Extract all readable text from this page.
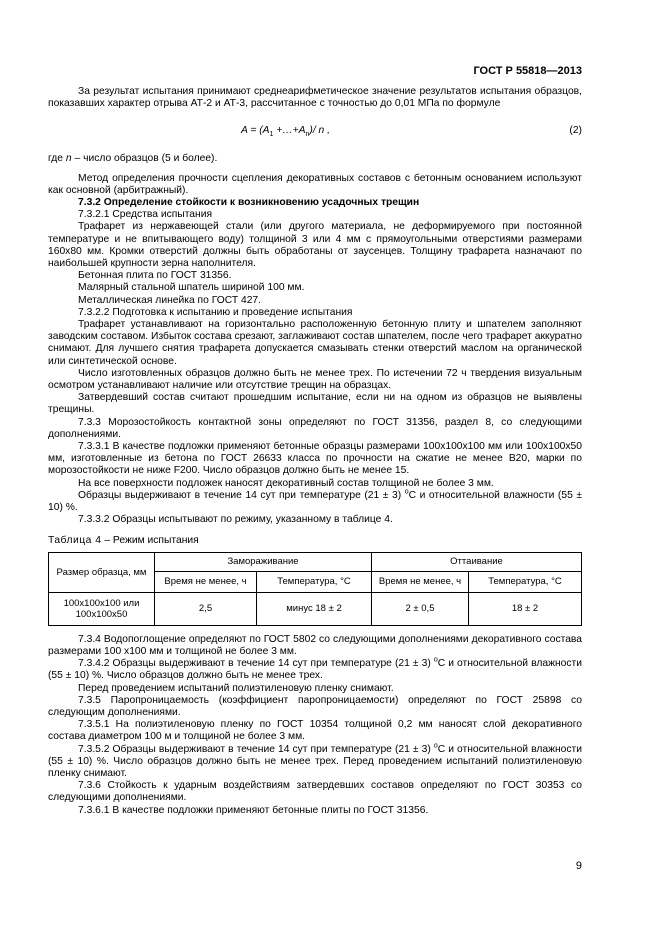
ГОСТ Р 55818—2013

За результат испытания принимают среднеарифметическое значение результатов испытания образцов, показавших характер отрыва АТ-2 и АТ-3, рассчитанное с точностью до 0,01 МПа по формуле

$A = (A_1$ $+\dots+A_n)/$ n ,	(2)

где n – число образцов (5 и более).

Метод определения прочности сцепления декоративных составов с бетонным основанием используют как основной (арбитражный).

7.3.2 Определение стойкости к возникновению усадочных трещин

7.3.2.1 Средства испытания

Трафарет из нержавеющей стали (или другого материала, не деформируемого при постоянной температуре и не впитывающего воду) толщиной 3 или 4 мм с прямоугольными отверстиями размерами 160х80 мм. Кромки отверстий должны быть обработаны от заусенцев. Толщину трафарета назначают по наибольшей крупности зерна наполнителя.

Бетонная плита по ГОСТ 31356.

Малярный стальной шпатель шириной 100 мм.

Металлическая линейка по ГОСТ 427.

7.3.2.2 Подготовка к испытанию и проведение испытания

Трафарет устанавливают на горизонтально расположенную бетонную плиту и шпателем заполняют заводским составом. Избыток состава срезают, заглаживают состав шпателем, после чего трафарет аккуратно снимают. Для лучшего снятия трафарета допускается смазывать стенки отверстий маслом на органической или синтетической основе.

Число изготовленных образцов должно быть не менее трех. По истечении 72 ч твердения визуальным осмотром устанавливают наличие или отсутствие трещин на образцах.

Затвердевший состав считают прошедшим испытание, если ни на одном из образцов не выявлены трещины.

7.3.3 Морозостойкость контактной зоны определяют по ГОСТ 31356, раздел 8, со следующими дополнениями.

7.3.3.1 В качестве подложки применяют бетонные образцы размерами 100х100х100 мм или 100х100х50 мм, изготовленные из бетона по ГОСТ 26633 класса по прочности на сжатие не менее В20, марки по морозостойкости не ниже F200. Число образцов должно быть не менее 15.

На все поверхности подложек наносят декоративный состав толщиной не более 3 мм.

Образцы выдерживают в течение 14 сут при температуре (21 ± 3) $^о$С и относительной влажности (55 ± 10) %.

7.3.3.2 Образцы испытывают по режиму, указанному в таблице 4.

Таблица 4 – Режим испытания
Размер образца, мм	Замораживание		Оттаивание	
	Время не менее, ч	Температура, °С	Время не менее, ч	Температура, °С
100х100х100 или 100х100х50	2,5	минус 18 ± 2	2 ± 0,5	18 ± 2

7.3.4 Водопоглощение определяют по ГОСТ 5802 со следующими дополнениями декоративного состава размерами 100 х100 мм и толщиной не более 3 мм.

7.3.4.2 Образцы выдерживают в течение 14 сут при температуре (21 ± 3) $^о$С и относительной влажности (55 ± 10) %. Число образцов должно быть не менее трех.

Перед проведением испытаний полиэтиленовую пленку снимают.

7.3.5 Паропроницаемость (коэффициент паропроницаемости) определяют по ГОСТ 25898 со следующим дополнениями.

7.3.5.1 На полиэтиленовую пленку по ГОСТ 10354 толщиной 0,2 мм наносят слой декоративного состава диаметром 100 м и толщиной не более 3 мм.

7.3.5.2 Образцы выдерживают в течение 14 сут при температуре (21 ± 3) $^о$С и относительной влажности (55 ± 10) %. Число образцов должно быть не менее трех. Перед проведением испытаний полиэтиленовую пленку снимают.

7.3.6 Стойкость к ударным воздействиям затвердевших составов определяют по ГОСТ 30353 со следующими дополнениями.

7.3.6.1 В качестве подложки применяют бетонные плиты по ГОСТ 31356.

9
